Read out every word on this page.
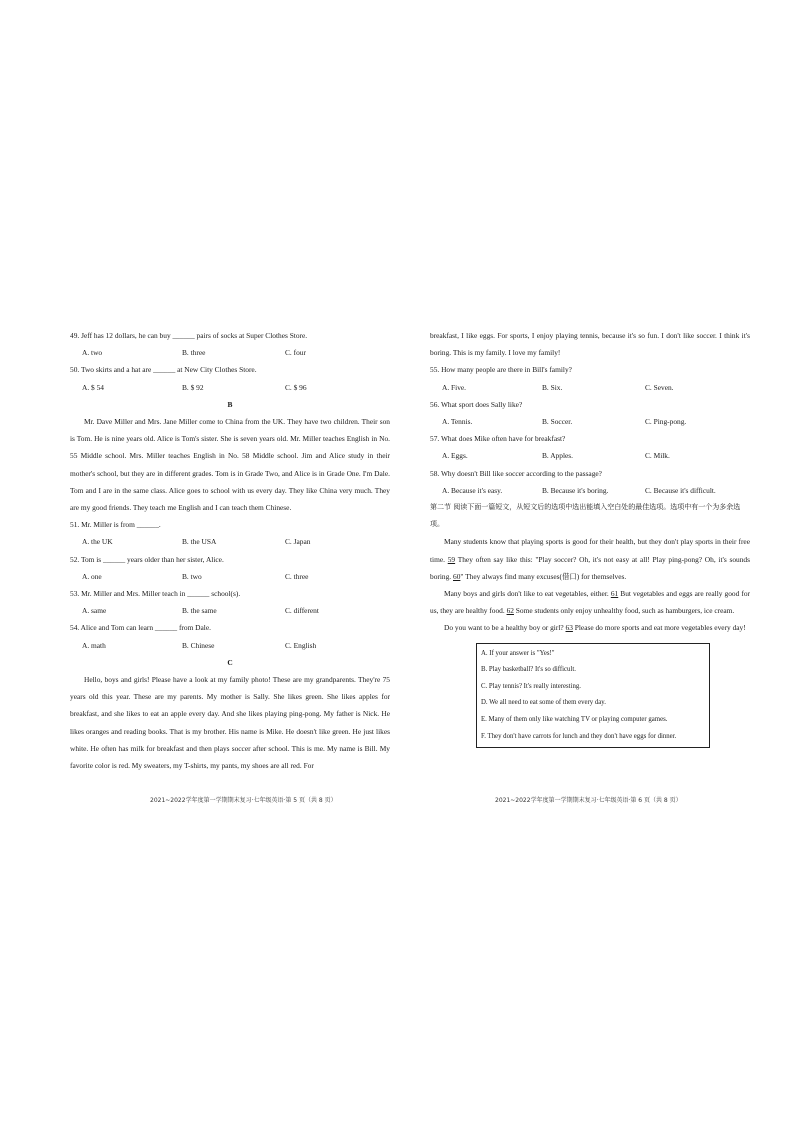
49. Jeff has 12 dollars, he can buy ______ pairs of socks at Super Clothes Store.

A. two	B. three	C. four

50. Two skirts and a hat are ______ at New City Clothes Store.

A. $ 54	B. $ 92	C. $ 96

B

Mr. Dave Miller and Mrs. Jane Miller come to China from the UK. They have two children. Their son is Tom. He is nine years old. Alice is Tom's sister. She is seven years old. Mr. Miller teaches English in No. 55 Middle school. Mrs. Miller teaches English in No. 58 Middle school. Jim and Alice study in their mother's school, but they are in different grades. Tom is in Grade Two, and Alice is in Grade One. I'm Dale. Tom and I are in the same class. Alice goes to school with us every day. They like China very much. They are my good friends. They teach me English and I can teach them Chinese.

51. Mr. Miller is from ______.

A. the UK	B. the USA	C. Japan

52. Tom is ______ years older than her sister, Alice.

A. one	B. two	C. three

53. Mr. Miller and Mrs. Miller teach in ______ school(s).

A. same	B. the same	C. different

54. Alice and Tom can learn ______ from Dale.

A. math	B. Chinese	C. English

C

Hello, boys and girls! Please have a look at my family photo! These are my grandparents. They're 75 years old this year. These are my parents. My mother is Sally. She likes green. She likes apples for breakfast, and she likes to eat an apple every day. And she likes playing ping-pong. My father is Nick. He likes oranges and reading books. That is my brother. His name is Mike. He doesn't like green. He just likes white. He often has milk for breakfast and then plays soccer after school. This is me. My name is Bill. My favorite color is red. My sweaters, my T-shirts, my pants, my shoes are all red. For

breakfast, I like eggs. For sports, I enjoy playing tennis, because it's so fun. I don't like soccer. I think it's boring. This is my family. I love my family!

55. How many people are there in Bill's family?

A. Five.	B. Six.	C. Seven.

56. What sport does Sally like?

A. Tennis.	B. Soccer.	C. Ping-pong.

57. What does Mike often have for breakfast?

A. Eggs.	B. Apples.	C. Milk.

58. Why doesn't Bill like soccer according to the passage?

A. Because it's easy.	B. Because it's boring.	C. Because it's difficult.

第二节 阅读下面一篇短文，从短文后的选项中选出能填入空白处的最佳选项。选项中有一个为多余选项。

Many students know that playing sports is good for their health, but they don't play sports in their free time. 59 They often say like this: "Play soccer? Oh, it's not easy at all! Play ping-pong? Oh, it's sounds boring. 60" They always find many excuses(借口) for themselves.

Many boys and girls don't like to eat vegetables, either. 61 But vegetables and eggs are really good for us, they are healthy food. 62 Some students only enjoy unhealthy food, such as hamburgers, ice cream.

Do you want to be a healthy boy or girl? 63 Please do more sports and eat more vegetables every day!

A. If your answer is "Yes!"
B. Play basketball? It's so difficult.
C. Play tennis? It's really interesting.
D. We all need to eat some of them every day.
E. Many of them only like watching TV or playing computer games.
F. They don't have carrots for lunch and they don't have eggs for dinner.
2021~2022学年度第一学期期末复习·七年级英语·第 5 页（共 8 页）	2021~2022学年度第一学期期末复习·七年级英语·第 6 页（共 8 页）
